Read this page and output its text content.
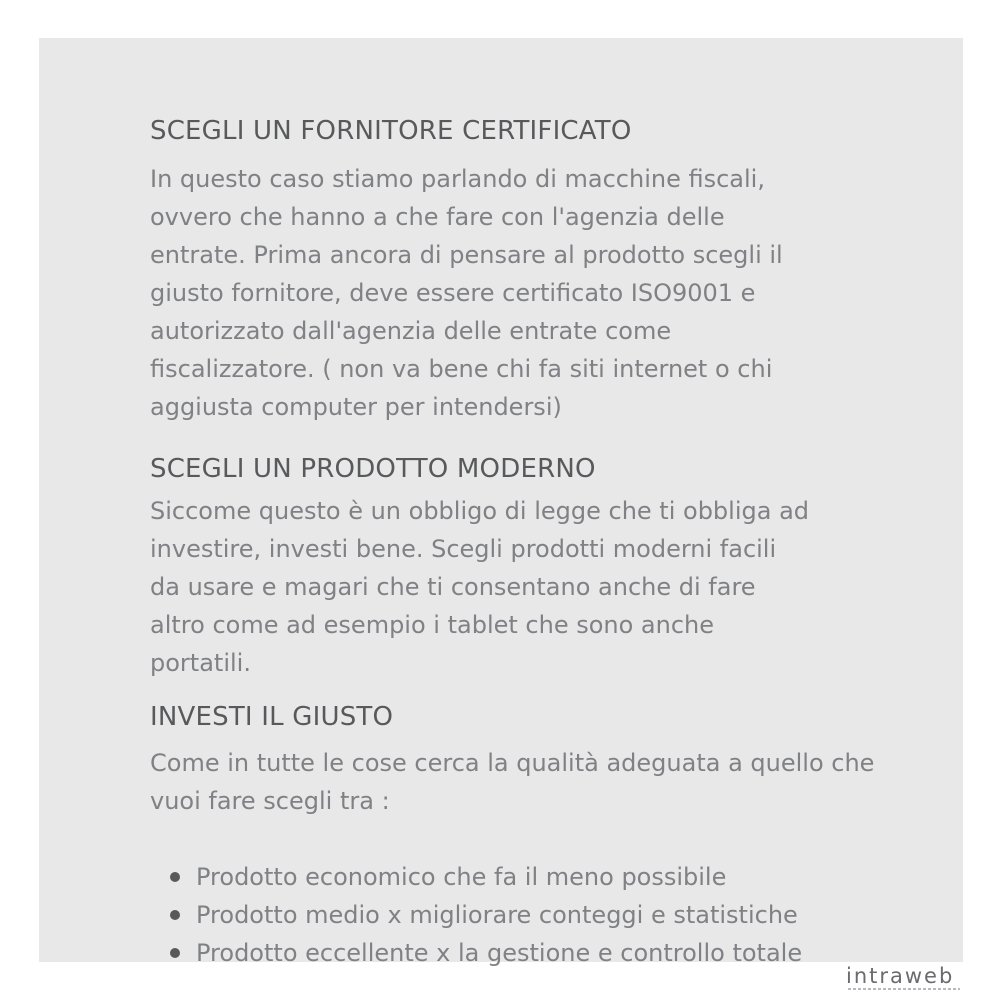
SCEGLI UN FORNITORE CERTIFICATO

In questo caso stiamo parlando di macchine fiscali, ovvero che hanno a che fare con l'agenzia delle entrate. Prima ancora di pensare al prodotto scegli il giusto fornitore, deve essere certificato ISO9001 e autorizzato dall'agenzia delle entrate come fiscalizzatore. ( non va bene chi fa siti internet o chi aggiusta computer per intendersi)

SCEGLI UN PRODOTTO MODERNO

Siccome questo è un obbligo di legge che ti obbliga ad investire, investi bene. Scegli prodotti moderni facili da usare e magari che ti consentano anche di fare altro come ad esempio i tablet che sono anche portatili.

INVESTI IL GIUSTO

Come in tutte le cose cerca la qualità adeguata a quello che vuoi fare scegli tra :

Prodotto economico che fa il meno possibile
Prodotto medio x migliorare conteggi e statistiche
Prodotto eccellente x la gestione e controllo totale
intraweb
